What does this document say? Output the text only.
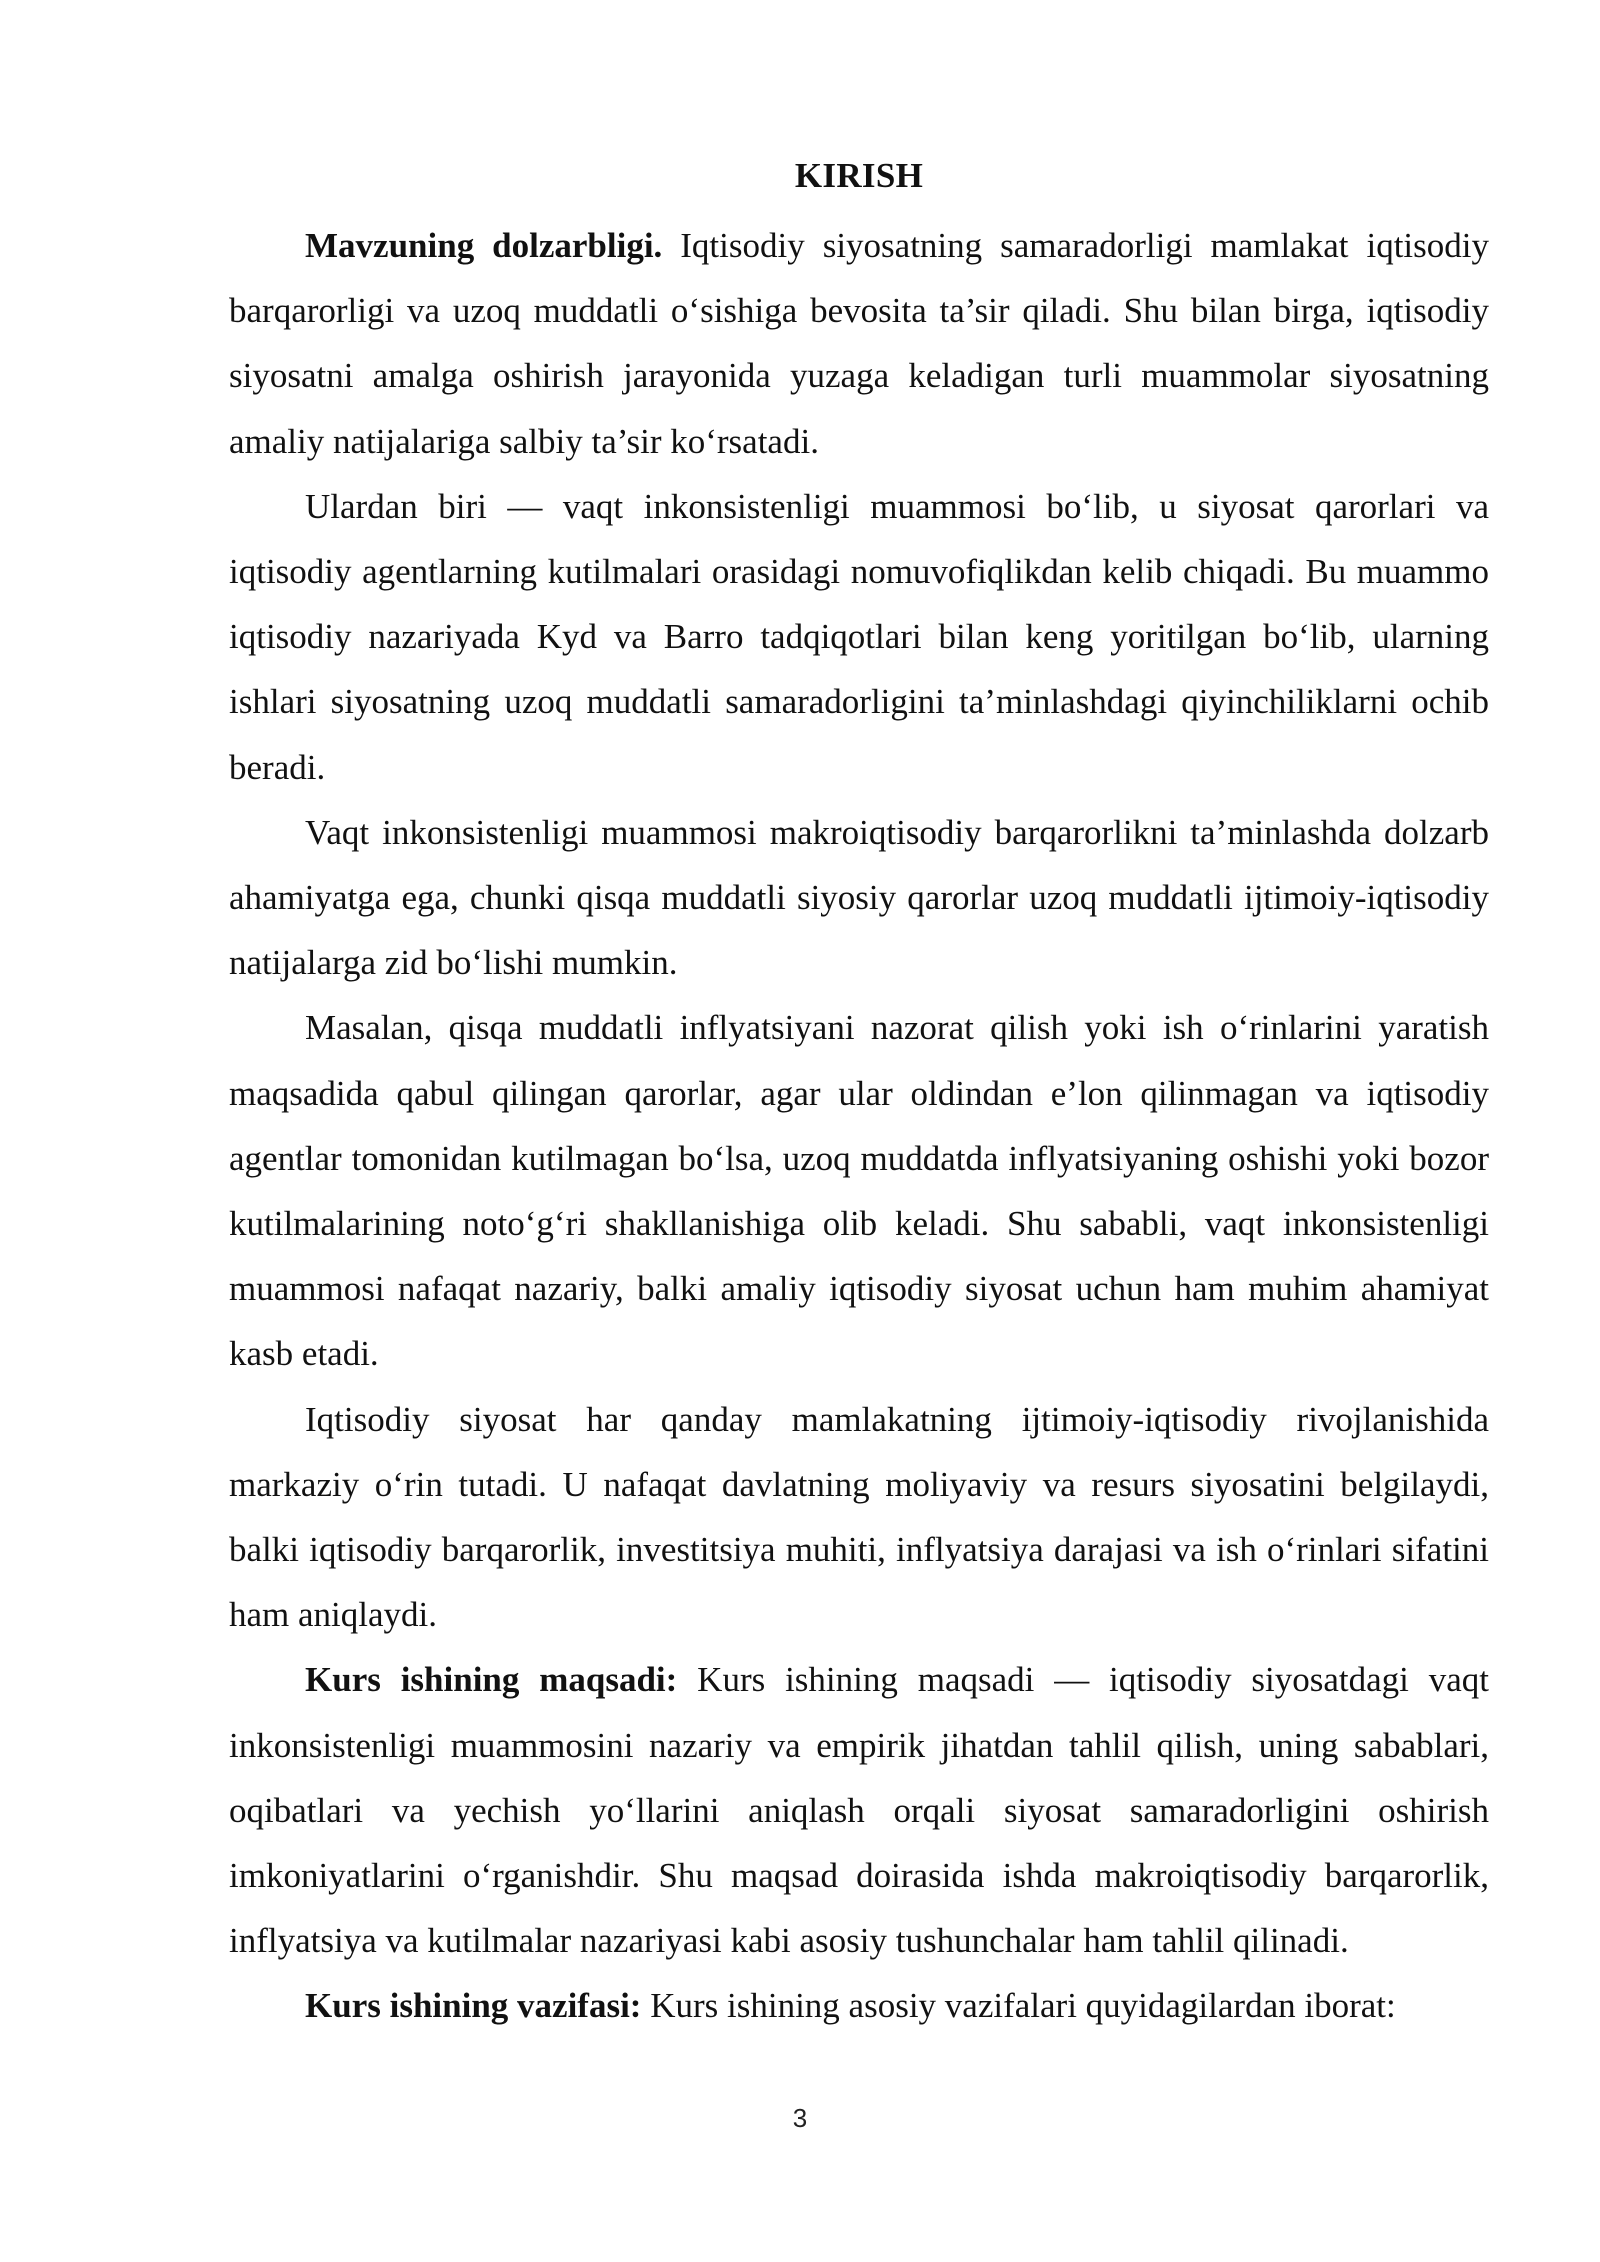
KIRISH

Mavzuning dolzarbligi. Iqtisodiy siyosatning samaradorligi mamlakat iqtisodiy barqarorligi va uzoq muddatli o‘sishiga bevosita ta’sir qiladi. Shu bilan birga, iqtisodiy siyosatni amalga oshirish jarayonida yuzaga keladigan turli muammolar siyosatning amaliy natijalariga salbiy ta’sir ko‘rsatadi.

Ulardan biri — vaqt inkonsistenligi muammosi bo‘lib, u siyosat qarorlari va iqtisodiy agentlarning kutilmalari orasidagi nomuvofiqlikdan kelib chiqadi. Bu muammo iqtisodiy nazariyada Kyd va Barro tadqiqotlari bilan keng yoritilgan bo‘lib, ularning ishlari siyosatning uzoq muddatli samaradorligini ta’minlashdagi qiyinchiliklarni ochib beradi.

Vaqt inkonsistenligi muammosi makroiqtisodiy barqarorlikni ta’minlashda dolzarb ahamiyatga ega, chunki qisqa muddatli siyosiy qarorlar uzoq muddatli ijtimoiy-iqtisodiy natijalarga zid bo‘lishi mumkin.

Masalan, qisqa muddatli inflyatsiyani nazorat qilish yoki ish o‘rinlarini yaratish maqsadida qabul qilingan qarorlar, agar ular oldindan e’lon qilinmagan va iqtisodiy agentlar tomonidan kutilmagan bo‘lsa, uzoq muddatda inflyatsiyaning oshishi yoki bozor kutilmalarining noto‘g‘ri shakllanishiga olib keladi. Shu sababli, vaqt inkonsistenligi muammosi nafaqat nazariy, balki amaliy iqtisodiy siyosat uchun ham muhim ahamiyat kasb etadi.

Iqtisodiy siyosat har qanday mamlakatning ijtimoiy-iqtisodiy rivojlanishida markaziy o‘rin tutadi. U nafaqat davlatning moliyaviy va resurs siyosatini belgilaydi, balki iqtisodiy barqarorlik, investitsiya muhiti, inflyatsiya darajasi va ish o‘rinlari sifatini ham aniqlaydi.

Kurs ishining maqsadi: Kurs ishining maqsadi — iqtisodiy siyosatdagi vaqt inkonsistenligi muammosini nazariy va empirik jihatdan tahlil qilish, uning sabablari, oqibatlari va yechish yo‘llarini aniqlash orqali siyosat samaradorligini oshirish imkoniyatlarini o‘rganishdir. Shu maqsad doirasida ishda makroiqtisodiy barqarorlik, inflyatsiya va kutilmalar nazariyasi kabi asosiy tushunchalar ham tahlil qilinadi.

Kurs ishining vazifasi: Kurs ishining asosiy vazifalari quyidagilardan iborat:

3
